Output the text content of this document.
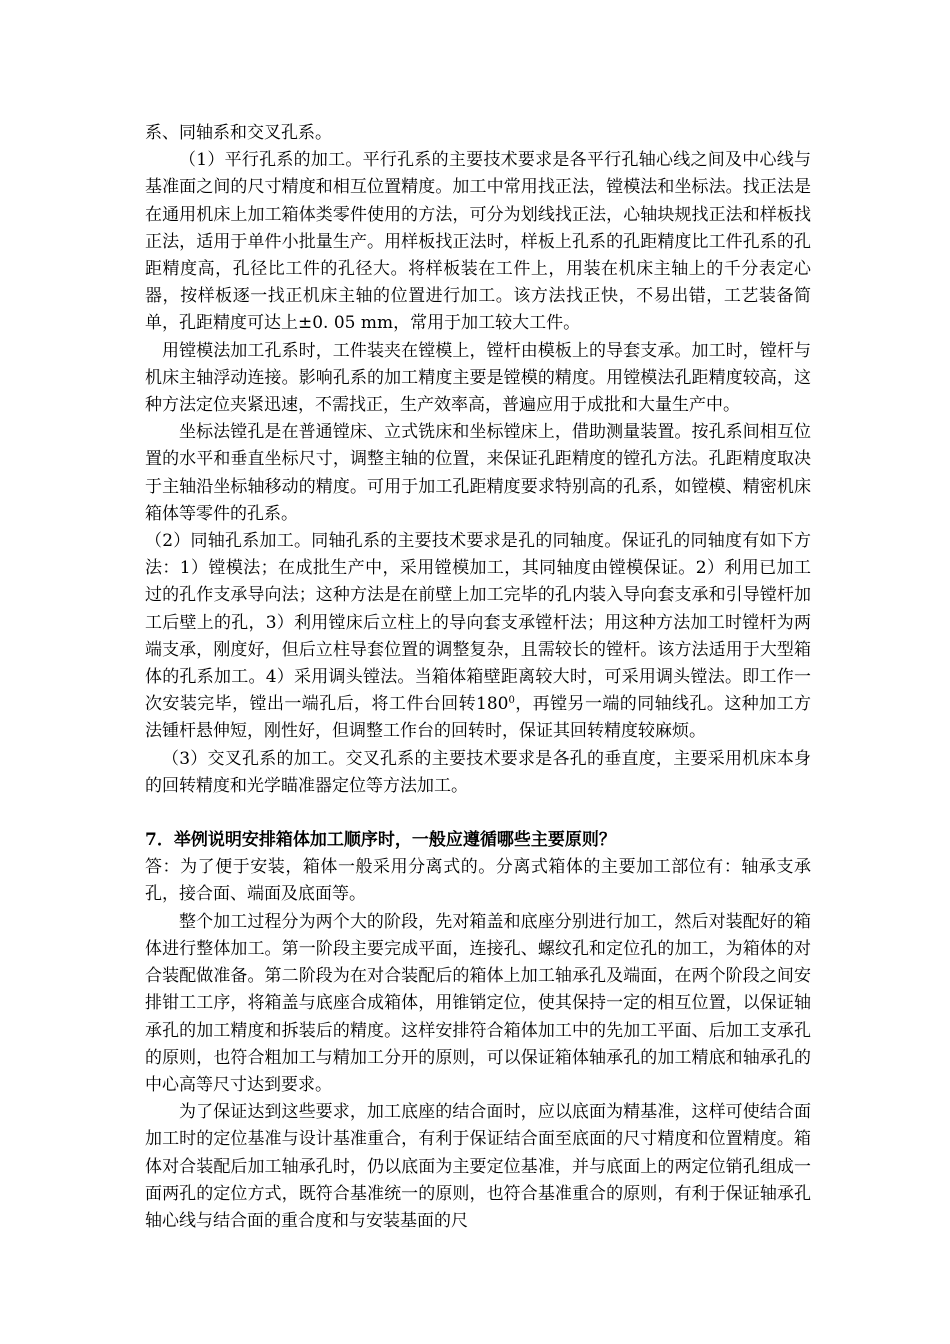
系、同轴系和交叉孔系。

（1）平行孔系的加工。平行孔系的主要技术要求是各平行孔轴心线之间及中心线与基准面之间的尺寸精度和相互位置精度。加工中常用找正法，镗模法和坐标法。找正法是在通用机床上加工箱体类零件使用的方法，可分为划线找正法，心轴块规找正法和样板找正法，适用于单件小批量生产。用样板找正法时，样板上孔系的孔距精度比工件孔系的孔距精度高，孔径比工件的孔径大。将样板装在工件上，用装在机床主轴上的千分表定心器，按样板逐一找正机床主轴的位置进行加工。该方法找正快，不易出错，工艺装备简单，孔距精度可达上±0. 05 mm，常用于加工较大工件。

用镗模法加工孔系时，工件装夹在镗模上，镗杆由模板上的导套支承。加工时，镗杆与机床主轴浮动连接。影响孔系的加工精度主要是镗模的精度。用镗模法孔距精度较高，这种方法定位夹紧迅速，不需找正，生产效率高，普遍应用于成批和大量生产中。

坐标法镗孔是在普通镗床、立式铣床和坐标镗床上，借助测量装置。按孔系间相互位置的水平和垂直坐标尺寸，调整主轴的位置，来保证孔距精度的镗孔方法。孔距精度取决于主轴沿坐标轴移动的精度。可用于加工孔距精度要求特别高的孔系，如镗模、精密机床箱体等零件的孔系。

（2）同轴孔系加工。同轴孔系的主要技术要求是孔的同轴度。保证孔的同轴度有如下方法：1）镗模法；在成批生产中，采用镗模加工，其同轴度由镗模保证。2）利用已加工过的孔作支承导向法；这种方法是在前壁上加工完毕的孔内装入导向套支承和引导镗杆加工后壁上的孔，3）利用镗床后立柱上的导向套支承镗杆法；用这种方法加工时镗杆为两端支承，刚度好，但后立柱导套位置的调整复杂，且需较长的镗杆。该方法适用于大型箱体的孔系加工。4）采用调头镗法。当箱体箱壁距离较大时，可采用调头镗法。即工作一次安装完毕，镗出一端孔后，将工件台回转$180^0$，再镗另一端的同轴线孔。这种加工方法锺杆悬伸短，刚性好，但调整工作台的回转时，保证其回转精度较麻烦。

（3）交叉孔系的加工。交叉孔系的主要技术要求是各孔的垂直度，主要采用机床本身的回转精度和光学瞄准器定位等方法加工。

7．举例说明安排箱体加工顺序时，一般应遵循哪些主要原则？

答：为了便于安装，箱体一般采用分离式的。分离式箱体的主要加工部位有：轴承支承孔，接合面、端面及底面等。

整个加工过程分为两个大的阶段，先对箱盖和底座分别进行加工，然后对装配好的箱体进行整体加工。第一阶段主要完成平面，连接孔、螺纹孔和定位孔的加工，为箱体的对合装配做准备。第二阶段为在对合装配后的箱体上加工轴承孔及端面，在两个阶段之间安排钳工工序，将箱盖与底座合成箱体，用锥销定位，使其保持一定的相互位置，以保证轴承孔的加工精度和拆装后的精度。这样安排符合箱体加工中的先加工平面、后加工支承孔的原则，也符合粗加工与精加工分开的原则，可以保证箱体轴承孔的加工精底和轴承孔的中心高等尺寸达到要求。

为了保证达到这些要求，加工底座的结合面时，应以底面为精基准，这样可使结合面加工时的定位基准与设计基准重合，有利于保证结合面至底面的尺寸精度和位置精度。箱体对合装配后加工轴承孔时，仍以底面为主要定位基准，并与底面上的两定位销孔组成一面两孔的定位方式，既符合基准统一的原则，也符合基准重合的原则，有利于保证轴承孔轴心线与结合面的重合度和与安装基面的尺
